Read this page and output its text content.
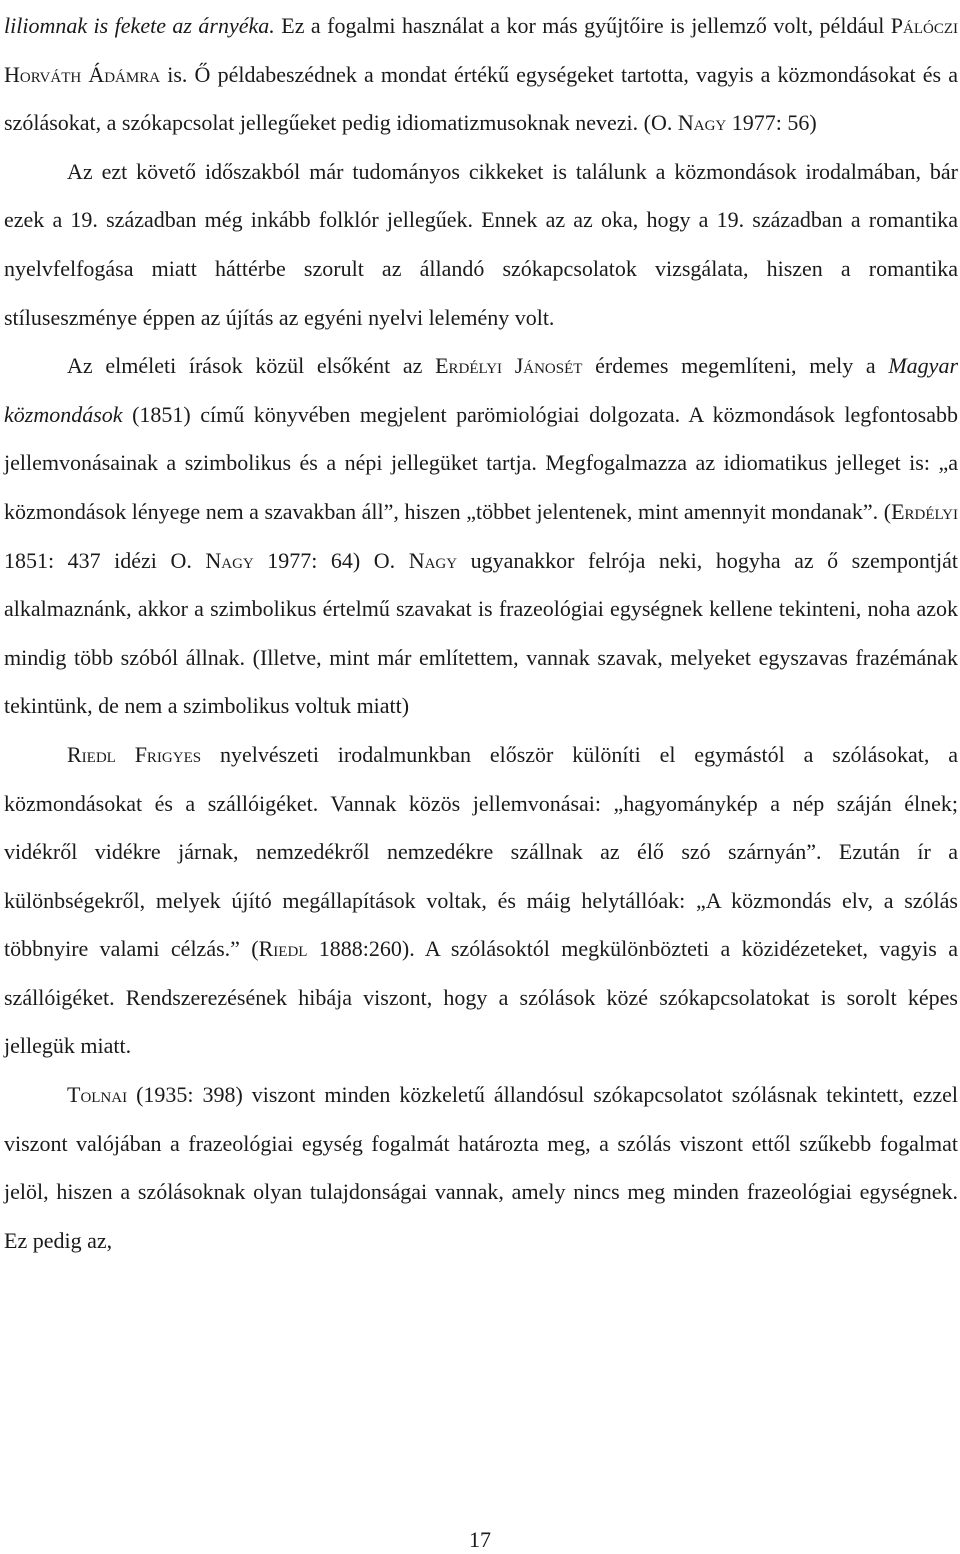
liliomnak is fekete az árnyéka. Ez a fogalmi használat a kor más gyűjtőire is jellemző volt, például Pálóczi Horváth Ádámra is. Ő példabeszédnek a mondat értékű egységeket tartotta, vagyis a közmondásokat és a szólásokat, a szókapcsolat jellegűeket pedig idiomatizmusoknak nevezi. (O. Nagy 1977: 56)

Az ezt követő időszakból már tudományos cikkeket is találunk a közmondások irodalmában, bár ezek a 19. században még inkább folklór jellegűek. Ennek az az oka, hogy a 19. században a romantika nyelvfelfogása miatt háttérbe szorult az állandó szókapcsolatok vizsgálata, hiszen a romantika stíluseszménye éppen az újítás az egyéni nyelvi lelemény volt.

Az elméleti írások közül elsőként az Erdélyi Jánosét érdemes megemlíteni, mely a Magyar közmondások (1851) című könyvében megjelent parömiológiai dolgozata. A közmondások legfontosabb jellemvonásainak a szimbolikus és a népi jellegüket tartja. Megfogalmazza az idiomatikus jelleget is: „a közmondások lényege nem a szavakban áll”, hiszen „többet jelentenek, mint amennyit mondanak”. (Erdélyi 1851: 437 idézi O. Nagy 1977: 64) O. Nagy ugyanakkor felrója neki, hogyha az ő szempontját alkalmaznánk, akkor a szimbolikus értelmű szavakat is frazeológiai egységnek kellene tekinteni, noha azok mindig több szóból állnak. (Illetve, mint már említettem, vannak szavak, melyeket egyszavas frazémának tekintünk, de nem a szimbolikus voltuk miatt)

Riedl Frigyes nyelvészeti irodalmunkban először különíti el egymástól a szólásokat, a közmondásokat és a szállóigéket. Vannak közös jellemvonásai: „hagyománykép a nép száján élnek; vidékről vidékre járnak, nemzedékről nemzedékre szállnak az élő szó szárnyán”. Ezután ír a különbségekről, melyek újító megállapítások voltak, és máig helytállóak: „A közmondás elv, a szólás többnyire valami célzás.” (Riedl 1888:260). A szólásoktól megkülönbözteti a közidézeteket, vagyis a szállóigéket. Rendszerezésének hibája viszont, hogy a szólások közé szókapcsolatokat is sorolt képes jellegük miatt.

Tolnai (1935: 398) viszont minden közkeletű állandósul szókapcsolatot szólásnak tekintett, ezzel viszont valójában a frazeológiai egység fogalmát határozta meg, a szólás viszont ettől szűkebb fogalmat jelöl, hiszen a szólásoknak olyan tulajdonságai vannak, amely nincs meg minden frazeológiai egységnek. Ez pedig az,

17
